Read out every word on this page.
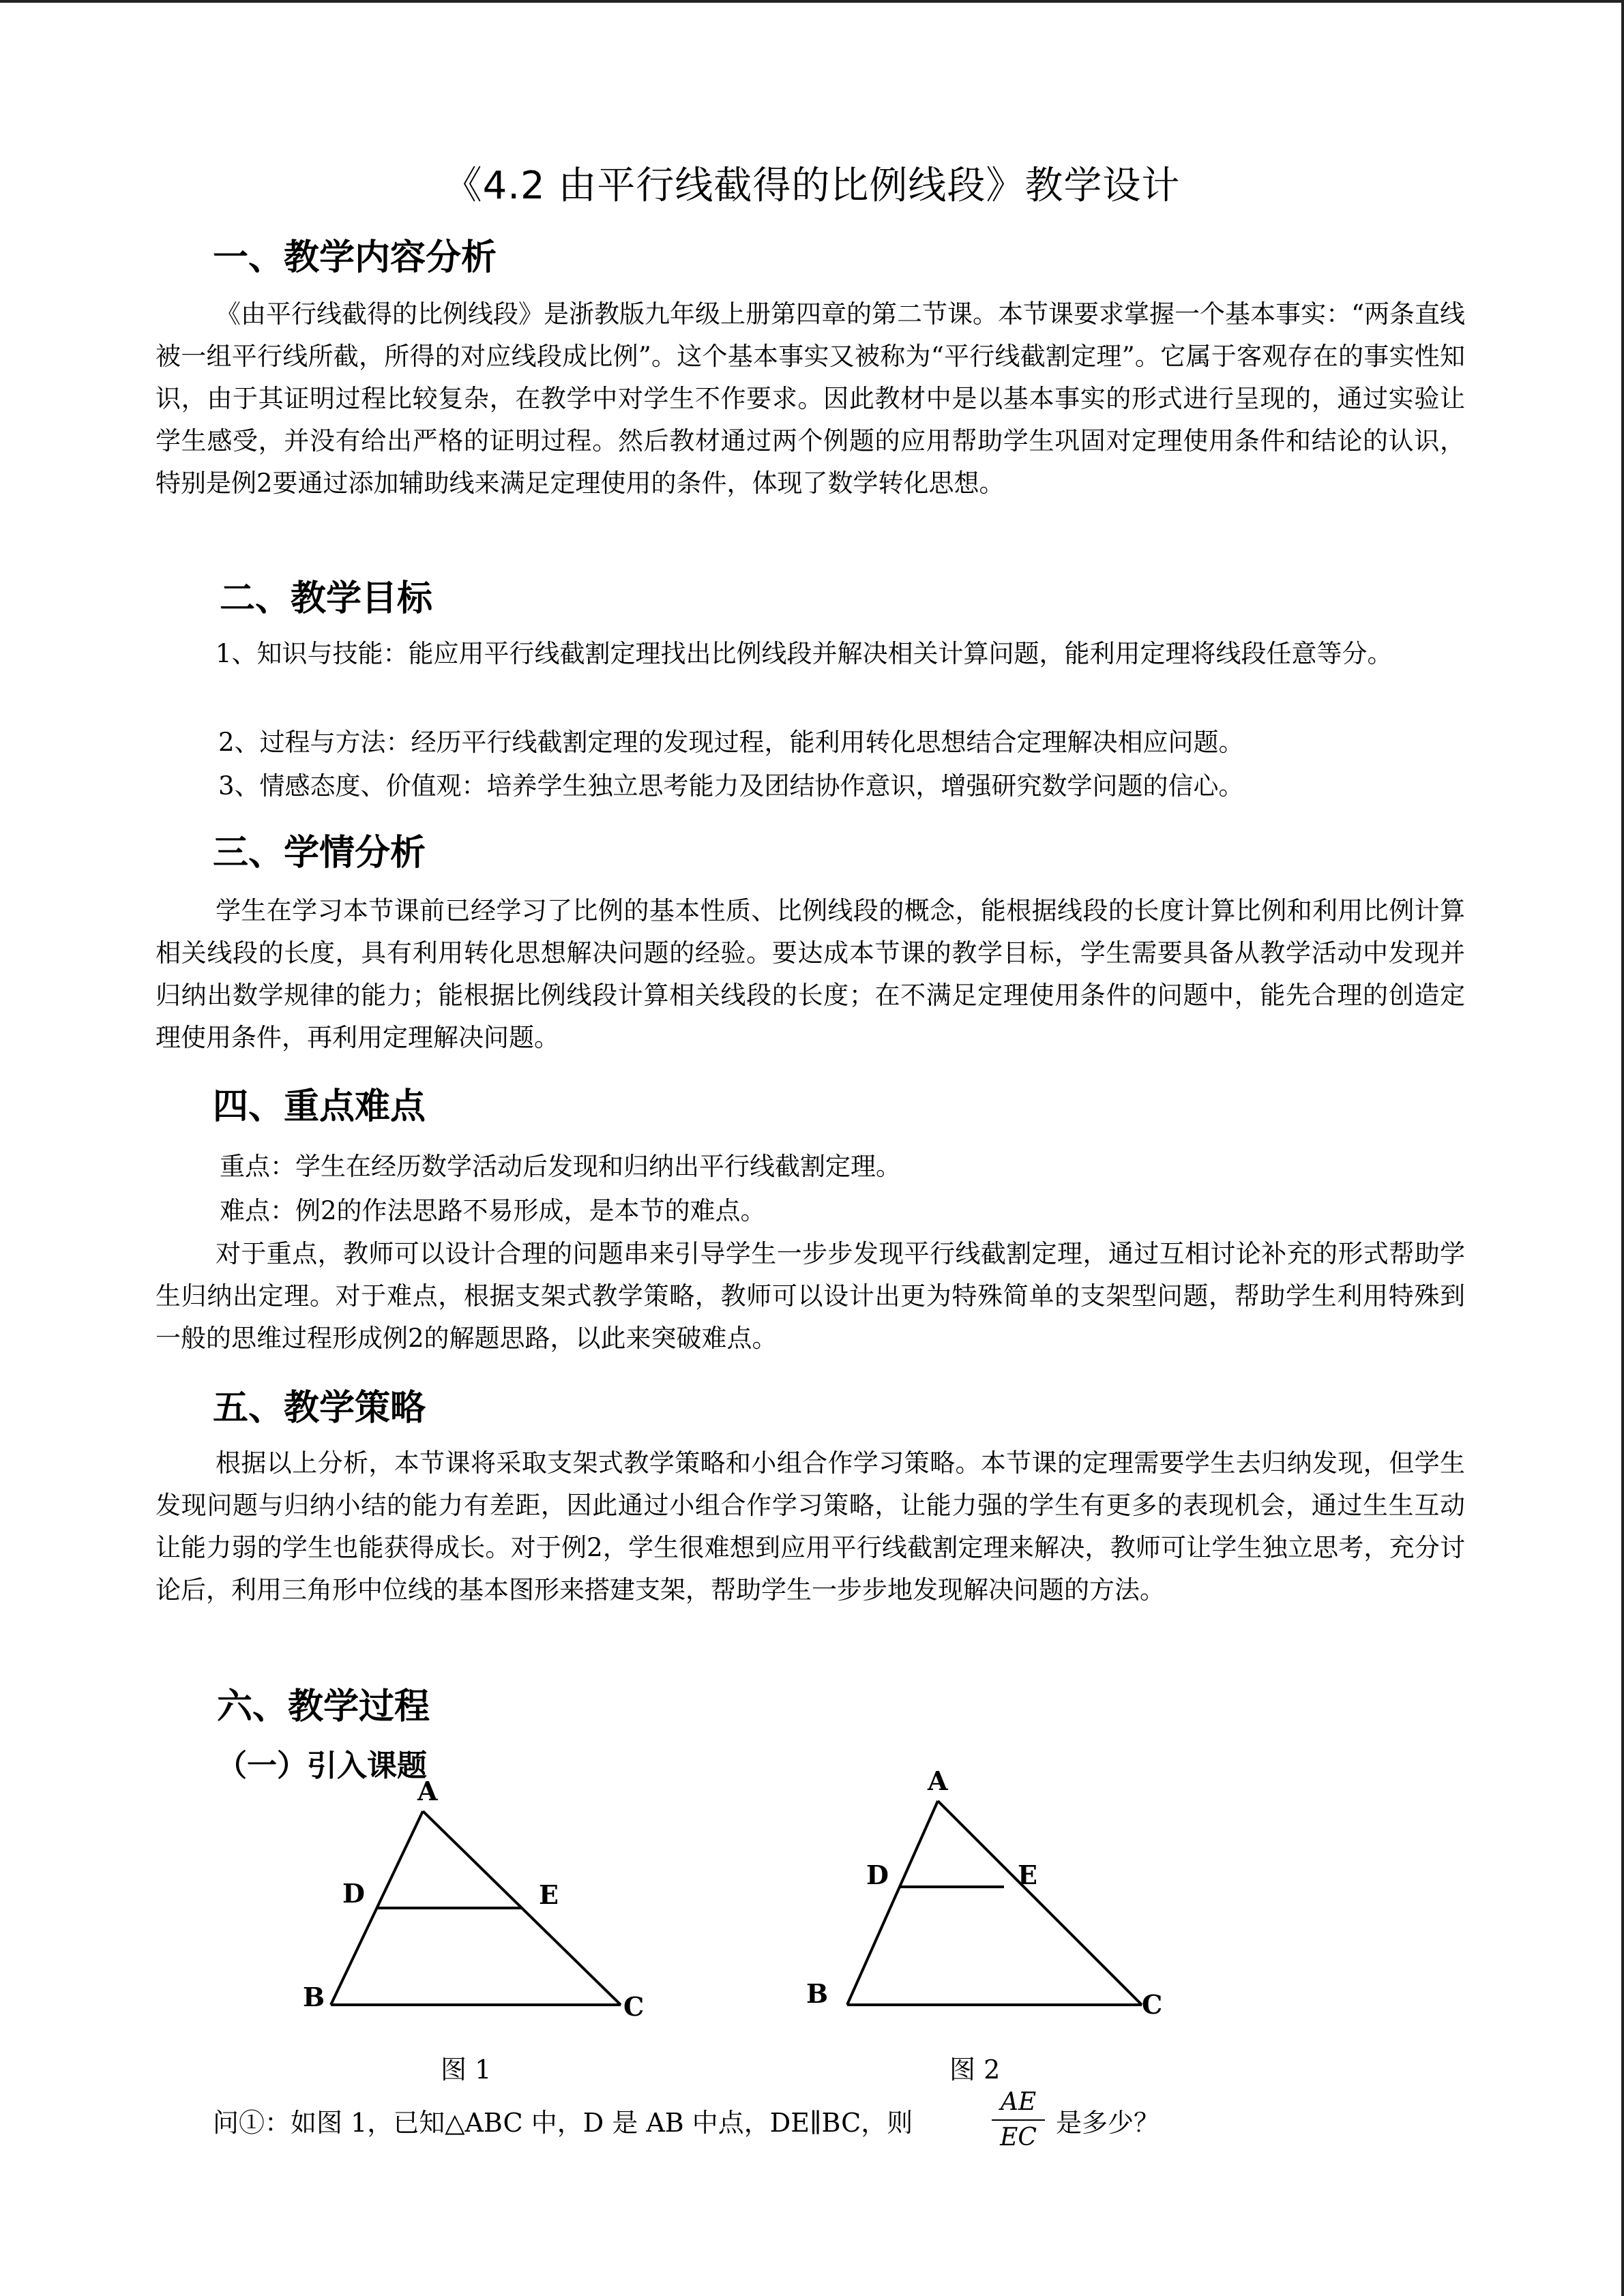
《4.2 由平行线截得的比例线段》教学设计
一、教学内容分析
《由平行线截得的比例线段》是浙教版九年级上册第四章的第二节课。本节课要求掌握一个基本事实：“两条直线被一组平行线所截，所得的对应线段成比例”。这个基本事实又被称为“平行线截割定理”。它属于客观存在的事实性知识，由于其证明过程比较复杂，在教学中对学生不作要求。因此教材中是以基本事实的形式进行呈现的，通过实验让学生感受，并没有给出严格的证明过程。然后教材通过两个例题的应用帮助学生巩固对定理使用条件和结论的认识，特别是例2要通过添加辅助线来满足定理使用的条件，体现了数学转化思想。
二、教学目标
1、知识与技能：能应用平行线截割定理找出比例线段并解决相关计算问题，能利用定理将线段任意等分。
2、过程与方法：经历平行线截割定理的发现过程，能利用转化思想结合定理解决相应问题。
3、情感态度、价值观：培养学生独立思考能力及团结协作意识，增强研究数学问题的信心。
三、学情分析
学生在学习本节课前已经学习了比例的基本性质、比例线段的概念，能根据线段的长度计算比例和利用比例计算相关线段的长度，具有利用转化思想解决问题的经验。要达成本节课的教学目标，学生需要具备从教学活动中发现并归纳出数学规律的能力；能根据比例线段计算相关线段的长度；在不满足定理使用条件的问题中，能先合理的创造定理使用条件，再利用定理解决问题。
四、重点难点
重点：学生在经历数学活动后发现和归纳出平行线截割定理。
难点：例2的作法思路不易形成，是本节的难点。
对于重点，教师可以设计合理的问题串来引导学生一步步发现平行线截割定理，通过互相讨论补充的形式帮助学生归纳出定理。对于难点，根据支架式教学策略，教师可以设计出更为特殊简单的支架型问题，帮助学生利用特殊到一般的思维过程形成例2的解题思路，以此来突破难点。
五、教学策略
根据以上分析，本节课将采取支架式教学策略和小组合作学习策略。本节课的定理需要学生去归纳发现，但学生发现问题与归纳小结的能力有差距，因此通过小组合作学习策略，让能力强的学生有更多的表现机会，通过生生互动让能力弱的学生也能获得成长。对于例2，学生很难想到应用平行线截割定理来解决，教师可让学生独立思考，充分讨论后，利用三角形中位线的基本图形来搭建支架，帮助学生一步步地发现解决问题的方法。
六、教学过程
（一）引入课题
A
D	E
B	C
图 1
A
D	E
B	C
图 2
问①：如图 1，已知△ABC 中，D 是 AB 中点，DE∥BC，则
AE
EC 是多少？
